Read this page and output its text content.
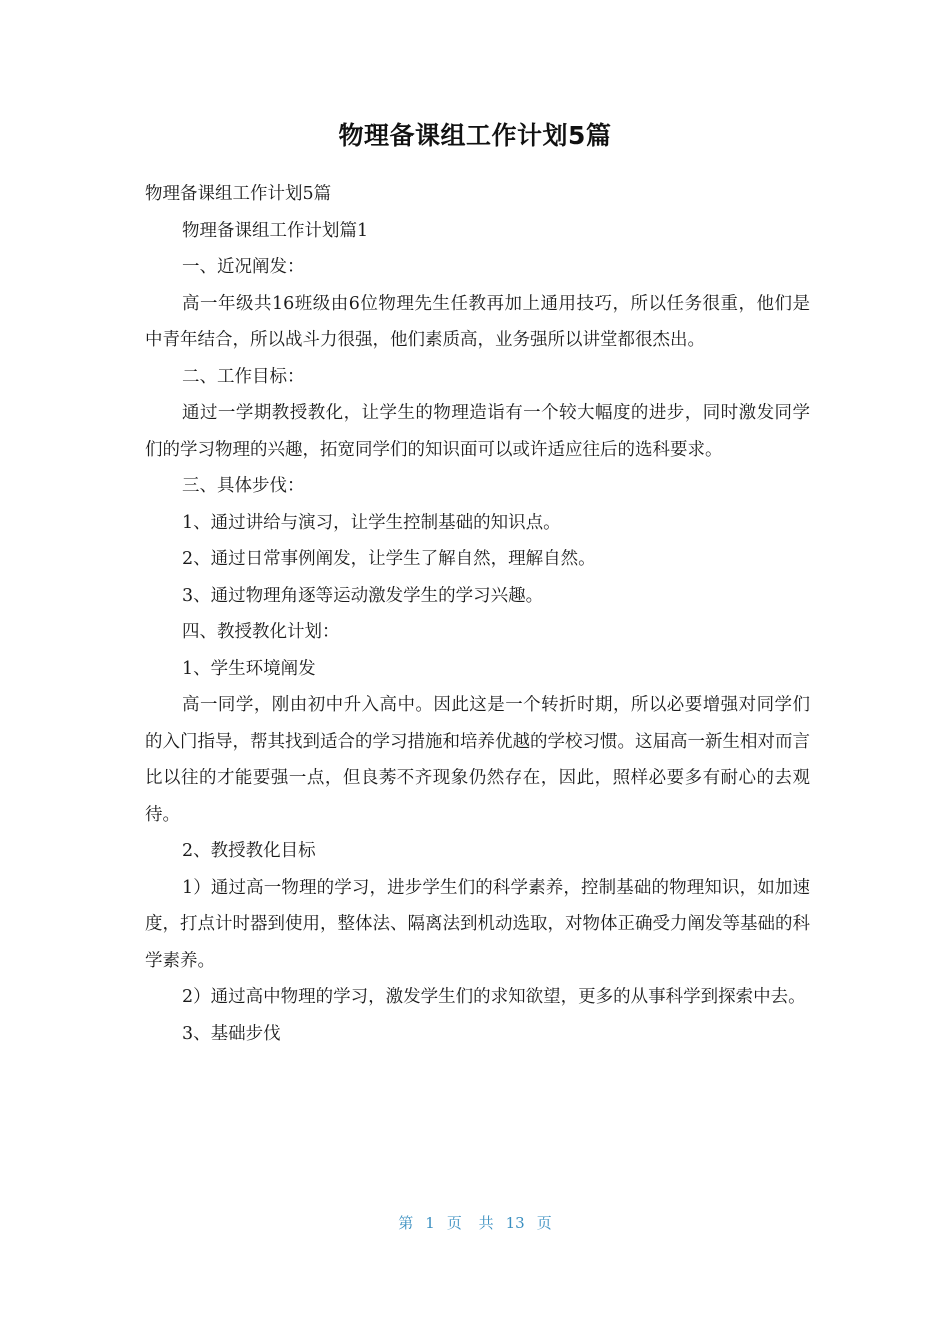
物理备课组工作计划5篇

物理备课组工作计划5篇

物理备课组工作计划篇1

一、近况阐发：

高一年级共16班级由6位物理先生任教再加上通用技巧，所以任务很重，他们是中青年结合，所以战斗力很强，他们素质高，业务强所以讲堂都很杰出。

二、工作目标：

通过一学期教授教化，让学生的物理造诣有一个较大幅度的进步，同时激发同学们的学习物理的兴趣，拓宽同学们的知识面可以或许适应往后的选科要求。

三、具体步伐：

1、通过讲给与演习，让学生控制基础的知识点。

2、通过日常事例阐发，让学生了解自然，理解自然。

3、通过物理角逐等运动激发学生的学习兴趣。

四、教授教化计划：

1、学生环境阐发

高一同学，刚由初中升入高中。因此这是一个转折时期，所以必要增强对同学们的入门指导，帮其找到适合的学习措施和培养优越的学校习惯。这届高一新生相对而言比以往的才能要强一点，但良莠不齐现象仍然存在，因此，照样必要多有耐心的去观待。

2、教授教化目标

1）通过高一物理的学习，进步学生们的科学素养，控制基础的物理知识，如加速度，打点计时器到使用，整体法、隔离法到机动选取，对物体正确受力阐发等基础的科学素养。

2）通过高中物理的学习，激发学生们的求知欲望，更多的从事科学到探索中去。

3、基础步伐

第 1 页 共 13 页
